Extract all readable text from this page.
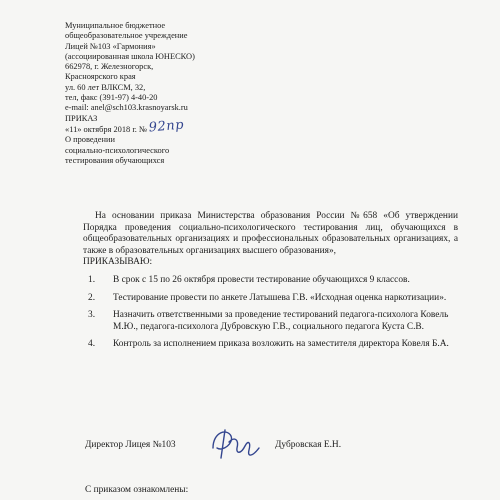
Муниципальное бюджетное
общеобразовательное учреждение
Лицей №103 «Гармония»
(ассоциированная школа ЮНЕСКО)
662978, г. Железногорск,
Красноярского края
ул. 60 лет ВЛКСМ, 32,
тел, факс (391-97) 4-40-20
e-mail: anel@sch103.krasnoyarsk.ru
ПРИКАЗ
«11» октября 2018 г. № 92пр
О проведении
социально-психологического
тестирования обучающихся

На основании приказа Министерства образования России №658 «Об утверждении Порядка проведения социально-психологического тестирования лиц, обучающихся в общеобразовательных организациях и профессиональных образовательных организациях, а также в образовательных организациях высшего образования»,

ПРИКАЗЫВАЮ:

1.	В срок с 15 по 26 октября провести тестирование обучающихся 9 классов.
2.	Тестирование провести по анкете Латышева Г.В. «Исходная оценка наркотизации».
3.	Назначить ответственными за проведение тестирований педагога-психолога Ковель М.Ю., педагога-психолога Дубровскую Г.В., социального педагога Куста С.В.
4.	Контроль за исполнением приказа возложить на заместителя директора Ковеля Б.А.
Директор Лицея №103	Дубровская Е.Н.
С приказом ознакомлены:
